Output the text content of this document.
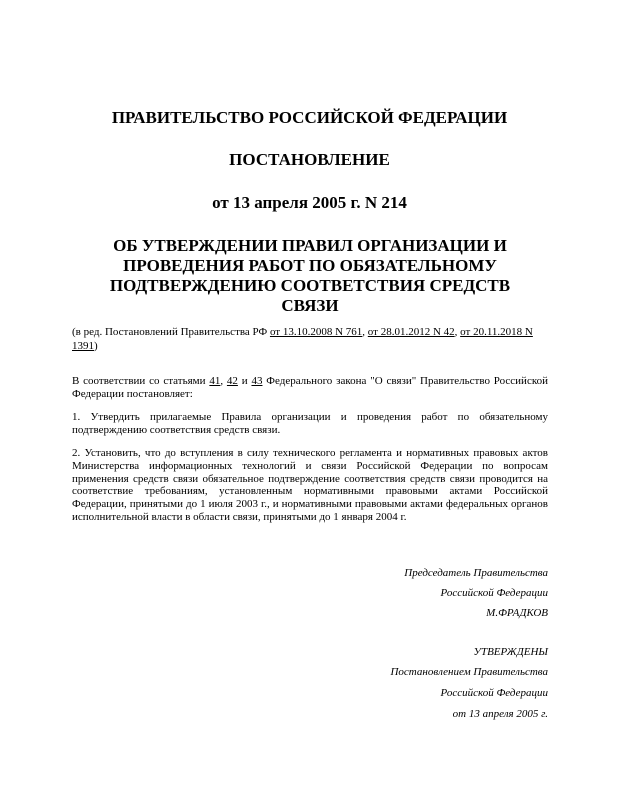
ПРАВИТЕЛЬСТВО РОССИЙСКОЙ ФЕДЕРАЦИИ

ПОСТАНОВЛЕНИЕ

от 13 апреля 2005 г. N 214

ОБ УТВЕРЖДЕНИИ ПРАВИЛ ОРГАНИЗАЦИИ И ПРОВЕДЕНИЯ РАБОТ ПО ОБЯЗАТЕЛЬНОМУ ПОДТВЕРЖДЕНИЮ СООТВЕТСТВИЯ СРЕДСТВ СВЯЗИ

(в ред. Постановлений Правительства РФ от 13.10.2008 N 761, от 28.01.2012 N 42, от 20.11.2018 N 1391)

В соответствии со статьями 41, 42 и 43 Федерального закона "О связи" Правительство Российской Федерации постановляет:

1. Утвердить прилагаемые Правила организации и проведения работ по обязательному подтверждению соответствия средств связи.

2. Установить, что до вступления в силу технического регламента и нормативных правовых актов Министерства информационных технологий и связи Российской Федерации по вопросам применения средств связи обязательное подтверждение соответствия средств связи проводится на соответствие требованиям, установленным нормативными правовыми актами Российской Федерации, принятыми до 1 июля 2003 г., и нормативными правовыми актами федеральных органов исполнительной власти в области связи, принятыми до 1 января 2004 г.

Председатель Правительства

Российской Федерации

М.ФРАДКОВ

УТВЕРЖДЕНЫ

Постановлением Правительства

Российской Федерации

от 13 апреля 2005 г.
